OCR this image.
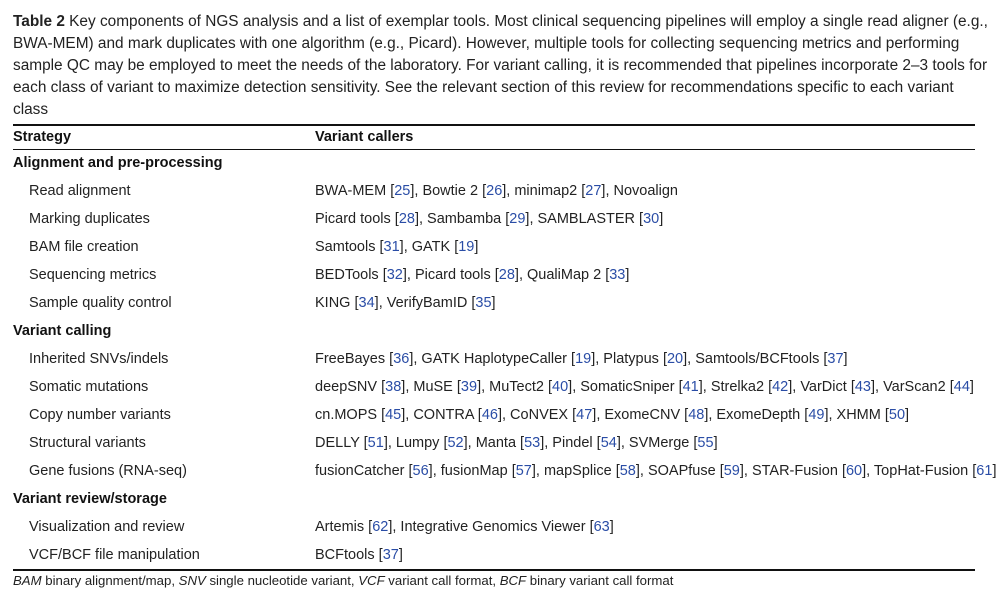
Table 2 Key components of NGS analysis and a list of exemplar tools. Most clinical sequencing pipelines will employ a single read aligner (e.g., BWA-MEM) and mark duplicates with one algorithm (e.g., Picard). However, multiple tools for collecting sequencing metrics and performing sample QC may be employed to meet the needs of the laboratory. For variant calling, it is recommended that pipelines incorporate 2–3 tools for each class of variant to maximize detection sensitivity. See the relevant section of this review for recommendations specific to each variant class
Strategy	Variant callers
Alignment and pre-processing
Read alignment	BWA-MEM [25], Bowtie 2 [26], minimap2 [27], Novoalign
Marking duplicates	Picard tools [28], Sambamba [29], SAMBLASTER [30]
BAM file creation	Samtools [31], GATK [19]
Sequencing metrics	BEDTools [32], Picard tools [28], QualiMap 2 [33]
Sample quality control	KING [34], VerifyBamID [35]
Variant calling
Inherited SNVs/indels	FreeBayes [36], GATK HaplotypeCaller [19], Platypus [20], Samtools/BCFtools [37]
Somatic mutations	deepSNV [38], MuSE [39], MuTect2 [40], SomaticSniper [41], Strelka2 [42], VarDict [43], VarScan2 [44]
Copy number variants	cn.MOPS [45], CONTRA [46], CoNVEX [47], ExomeCNV [48], ExomeDepth [49], XHMM [50]
Structural variants	DELLY [51], Lumpy [52], Manta [53], Pindel [54], SVMerge [55]
Gene fusions (RNA-seq)	fusionCatcher [56], fusionMap [57], mapSplice [58], SOAPfuse [59], STAR-Fusion [60], TopHat-Fusion [61]
Variant review/storage
Visualization and review	Artemis [62], Integrative Genomics Viewer [63]
VCF/BCF file manipulation	BCFtools [37]
BAM binary alignment/map, SNV single nucleotide variant, VCF variant call format, BCF binary variant call format
